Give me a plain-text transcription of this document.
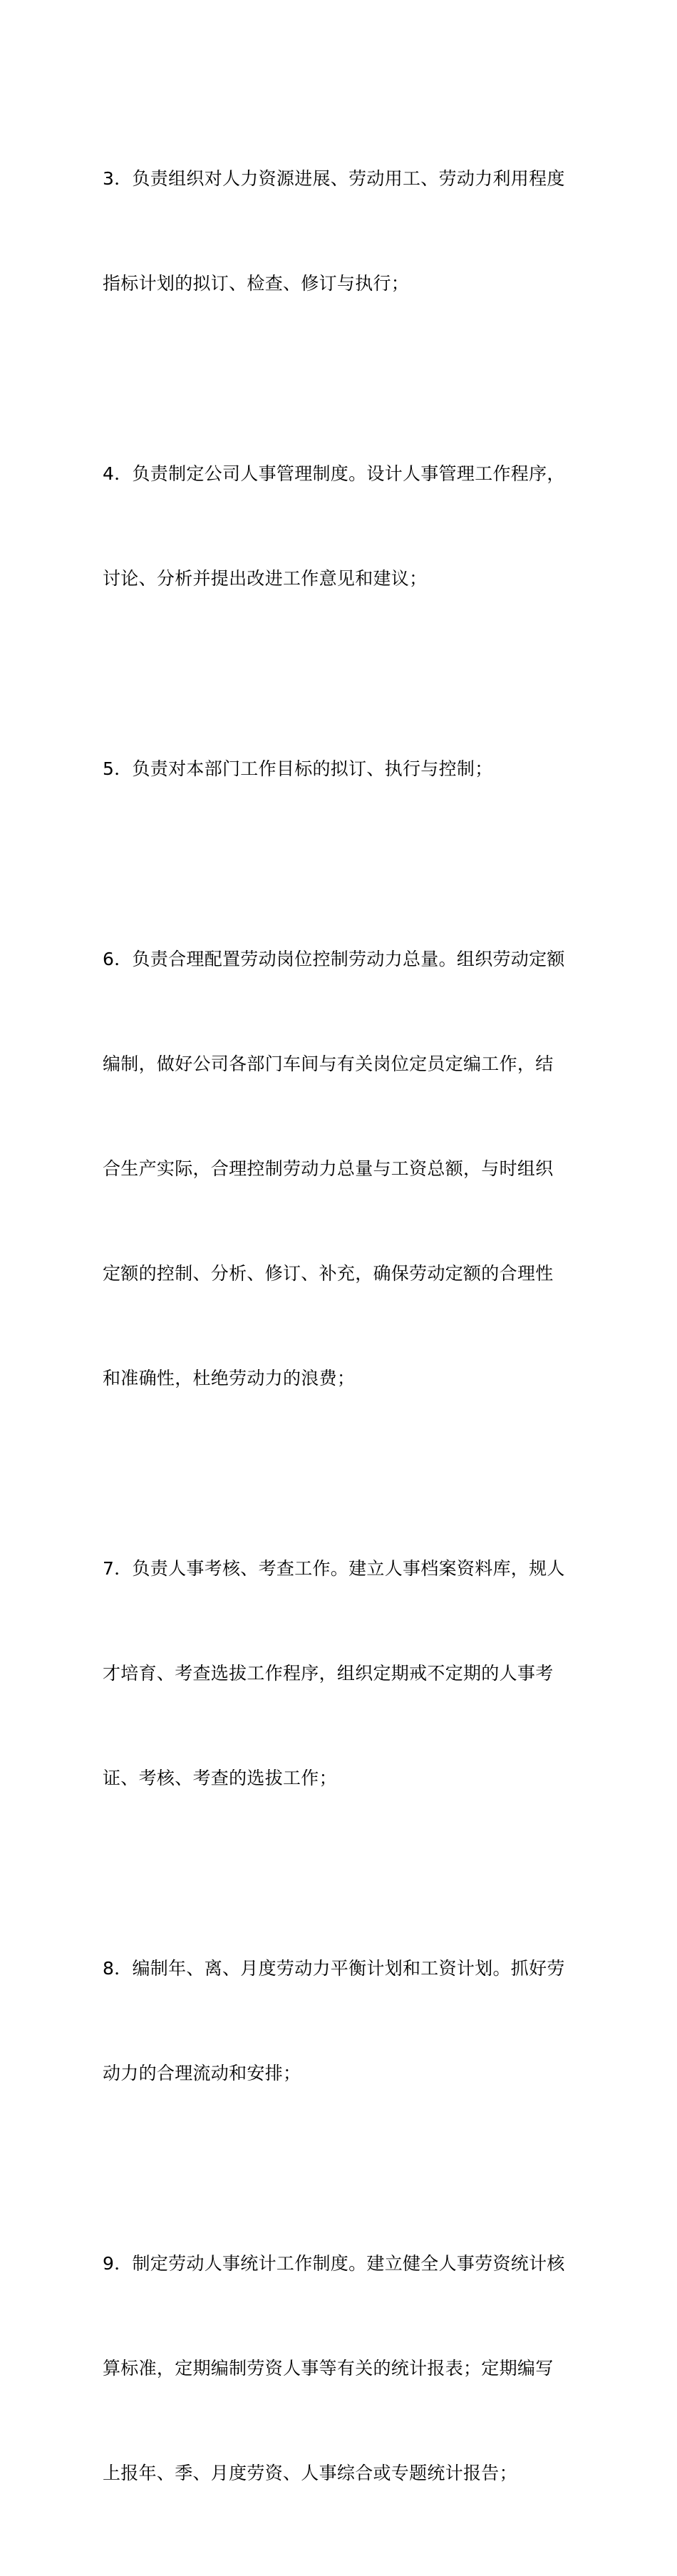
3．负责组织对人力资源进展、劳动用工、劳动力利用程度

指标计划的拟订、检查、修订与执行；

4．负责制定公司人事管理制度。设计人事管理工作程序，

讨论、分析并提出改进工作意见和建议；

5．负责对本部门工作目标的拟订、执行与控制；

6．负责合理配置劳动岗位控制劳动力总量。组织劳动定额

编制，做好公司各部门车间与有关岗位定员定编工作，结

合生产实际，合理控制劳动力总量与工资总额，与时组织

定额的控制、分析、修订、补充，确保劳动定额的合理性

和准确性，杜绝劳动力的浪费；

7．负责人事考核、考查工作。建立人事档案资料库，规人

才培育、考查选拔工作程序，组织定期戒不定期的人事考

证、考核、考查的选拔工作；

8．编制年、离、月度劳动力平衡计划和工资计划。抓好劳

动力的合理流动和安排；

9．制定劳动人事统计工作制度。建立健全人事劳资统计核

算标准，定期编制劳资人事等有关的统计报表；定期编写

上报年、季、月度劳资、人事综合或专题统计报告；
